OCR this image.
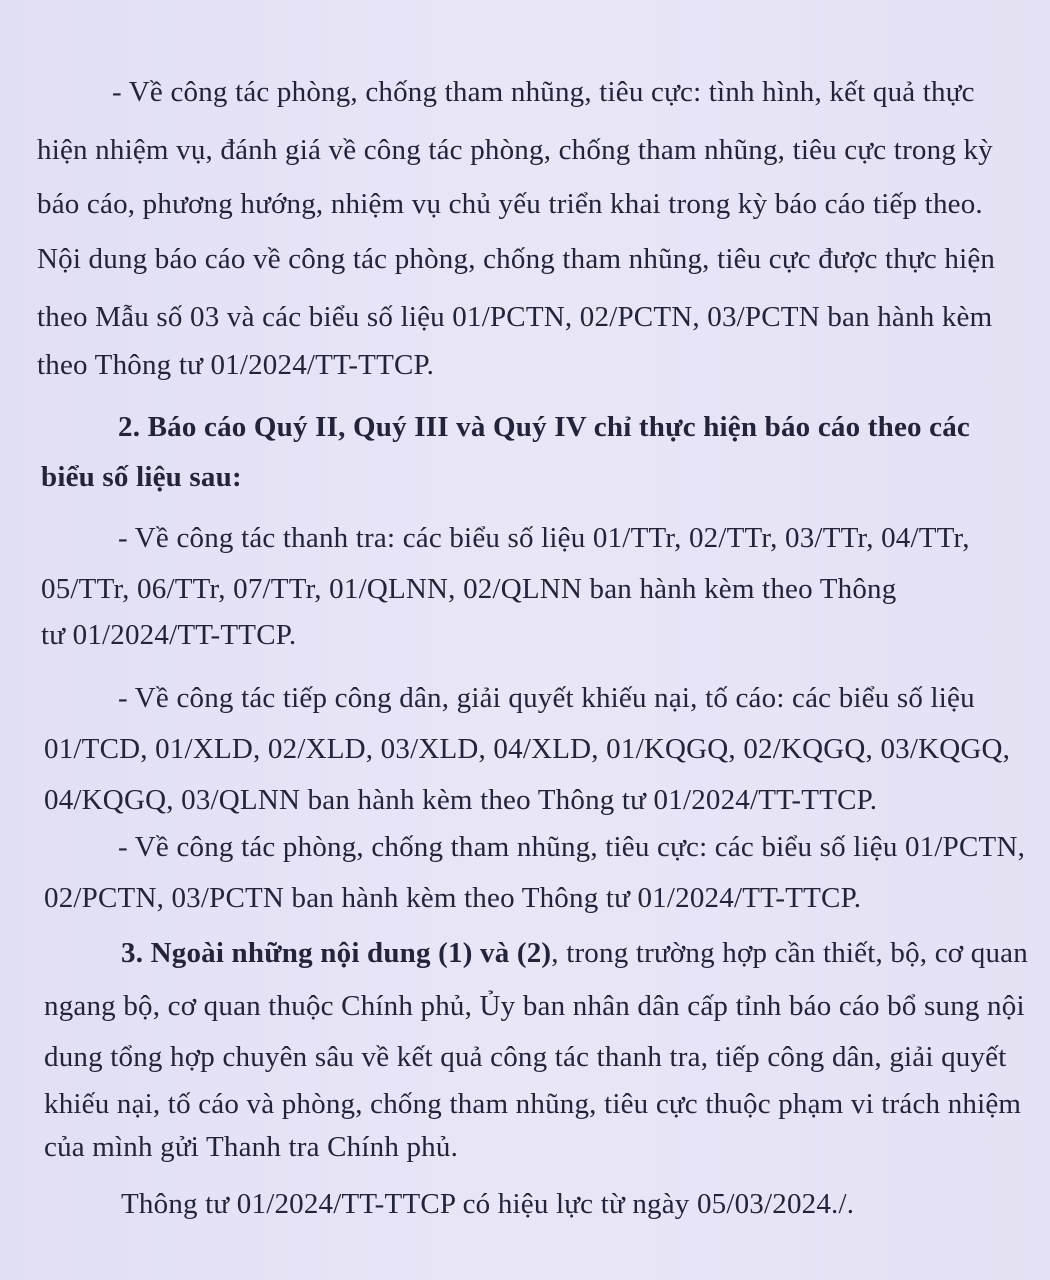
- Về công tác phòng, chống tham nhũng, tiêu cực: tình hình, kết quả thực
hiện nhiệm vụ, đánh giá về công tác phòng, chống tham nhũng, tiêu cực trong kỳ
báo cáo, phương hướng, nhiệm vụ chủ yếu triển khai trong kỳ báo cáo tiếp theo.
Nội dung báo cáo về công tác phòng, chống tham nhũng, tiêu cực được thực hiện
theo Mẫu số 03 và các biểu số liệu 01/PCTN, 02/PCTN, 03/PCTN ban hành kèm
theo Thông tư 01/2024/TT-TTCP.
2. Báo cáo Quý II, Quý III và Quý IV chỉ thực hiện báo cáo theo các
biểu số liệu sau:
- Về công tác thanh tra: các biểu số liệu 01/TTr, 02/TTr, 03/TTr, 04/TTr,
05/TTr, 06/TTr, 07/TTr, 01/QLNN, 02/QLNN ban hành kèm theo Thông
tư 01/2024/TT-TTCP.
- Về công tác tiếp công dân, giải quyết khiếu nại, tố cáo: các biểu số liệu
01/TCD, 01/XLD, 02/XLD, 03/XLD, 04/XLD, 01/KQGQ, 02/KQGQ, 03/KQGQ,
04/KQGQ, 03/QLNN ban hành kèm theo Thông tư 01/2024/TT-TTCP.
- Về công tác phòng, chống tham nhũng, tiêu cực: các biểu số liệu 01/PCTN,
02/PCTN, 03/PCTN ban hành kèm theo Thông tư 01/2024/TT-TTCP.
3. Ngoài những nội dung (1) và (2), trong trường hợp cần thiết, bộ, cơ quan
ngang bộ, cơ quan thuộc Chính phủ, Ủy ban nhân dân cấp tỉnh báo cáo bổ sung nội
dung tổng hợp chuyên sâu về kết quả công tác thanh tra, tiếp công dân, giải quyết
khiếu nại, tố cáo và phòng, chống tham nhũng, tiêu cực thuộc phạm vi trách nhiệm
của mình gửi Thanh tra Chính phủ.
Thông tư 01/2024/TT-TTCP có hiệu lực từ ngày 05/03/2024./.
